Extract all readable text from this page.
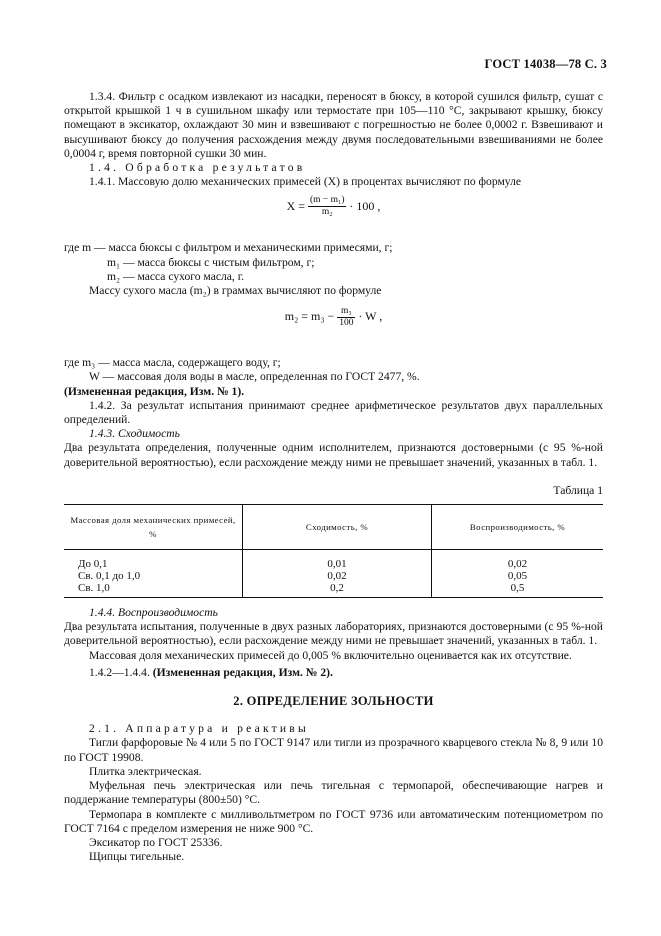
ГОСТ 14038—78 С. 3

1.3.4. Фильтр с осадком извлекают из насадки, переносят в бюксу, в которой сушился фильтр, сушат с открытой крышкой 1 ч в сушильном шкафу или термостате при 105—110 °С, закрывают крышку, бюксу помещают в эксикатор, охлаждают 30 мин и взвешивают с погрешностью не более 0,0002 г. Взвешивают и высушивают бюксу до получения расхождения между двумя последовательными взвешиваниями не более 0,0004 г, время повторной сушки 30 мин.

1.4. Обработка результатов

1.4.1. Массовую долю механических примесей (X) в процентах вычисляют по формуле

$X = \frac{\text{(m − m₁)}}{\text{m₂}} \cdot 100$ ,

где m — масса бюксы с фильтром и механическими примесями, г;

m₁ — масса бюксы с чистым фильтром, г;

m₂ — масса сухого масла, г.

Массу сухого масла (m₂) в граммах вычисляют по формуле

$m_2 = m_3 - \frac{\text{m₃}}{100} \cdot W$ ,

где m₃ — масса масла, содержащего воду, г;

W — массовая доля воды в масле, определенная по ГОСТ 2477, %.

(Измененная редакция, Изм. № 1).

1.4.2. За результат испытания принимают среднее арифметическое результатов двух параллельных определений.

1.4.3. Сходимость

Два результата определения, полученные одним исполнителем, признаются достоверными (с 95 %-ной доверительной вероятностью), если расхождение между ними не превышает значений, указанных в табл. 1.

Таблица 1
Массовая доля механических примесей, %	Сходимость, %	Воспроизводимость, %
До 0,1	0,01	0,02
Св. 0,1 до 1,0	0,02	0,05
Св. 1,0	0,2	0,5

1.4.4. Воспроизводимость

Два результата испытания, полученные в двух разных лабораториях, признаются достоверными (с 95 %-ной доверительной вероятностью), если расхождение между ними не превышает значений, указанных в табл. 1.

Массовая доля механических примесей до 0,005 % включительно оценивается как их отсутствие.

1.4.2—1.4.4. (Измененная редакция, Изм. № 2).

2. ОПРЕДЕЛЕНИЕ ЗОЛЬНОСТИ

2.1. Аппаратура и реактивы

Тигли фарфоровые № 4 или 5 по ГОСТ 9147 или тигли из прозрачного кварцевого стекла № 8, 9 или 10 по ГОСТ 19908.

Плитка электрическая.

Муфельная печь электрическая или печь тигельная с термопарой, обеспечивающие нагрев и поддержание температуры (800±50) °С.

Термопара в комплекте с милливольтметром по ГОСТ 9736 или автоматическим потенциометром по ГОСТ 7164 с пределом измерения не ниже 900 °С.

Эксикатор по ГОСТ 25336.

Щипцы тигельные.
